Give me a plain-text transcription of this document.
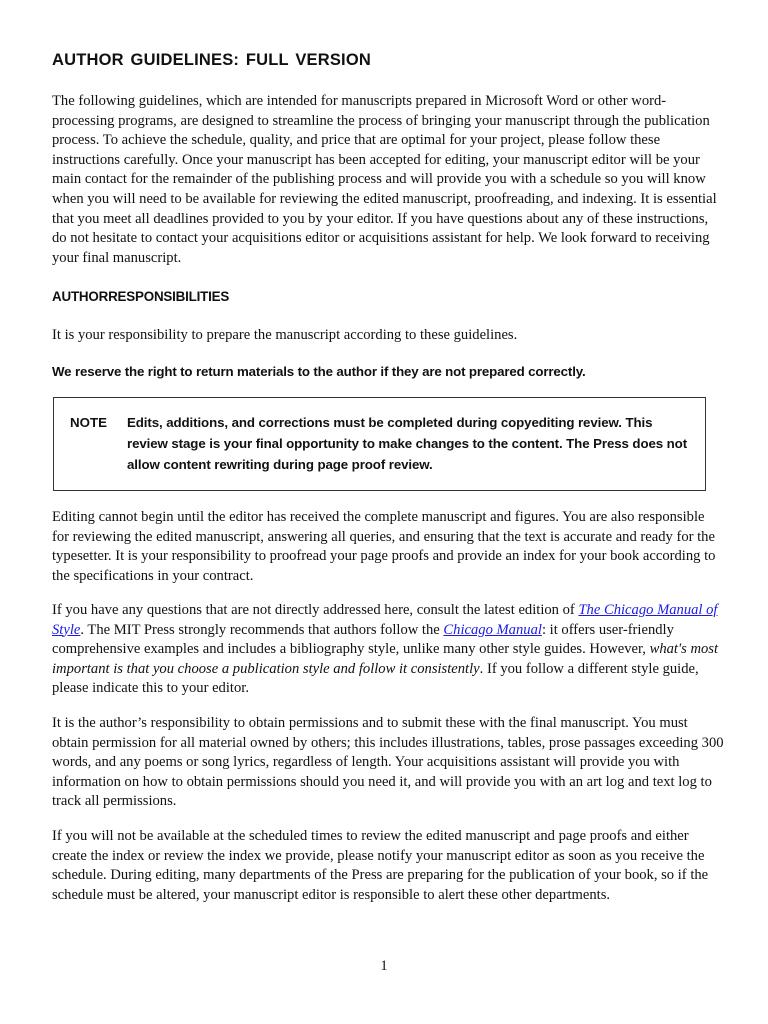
AUTHOR GUIDELINES: FULL VERSION

The following guidelines, which are intended for manuscripts prepared in Microsoft Word or other word-processing programs, are designed to streamline the process of bringing your manuscript through the publication process. To achieve the schedule, quality, and price that are optimal for your project, please follow these instructions carefully. Once your manuscript has been accepted for editing, your manuscript editor will be your main contact for the remainder of the publishing process and will provide you with a schedule so you will know when you will need to be available for reviewing the edited manuscript, proofreading, and indexing. It is essential that you meet all deadlines provided to you by your editor. If you have questions about any of these instructions, do not hesitate to contact your acquisitions editor or acquisitions assistant for help. We look forward to receiving your final manuscript.

AUTHORRESPONSIBILITIES

It is your responsibility to prepare the manuscript according to these guidelines.

We reserve the right to return materials to the author if they are not prepared correctly.
NOTE Edits, additions, and corrections must be completed during copyediting review. This review stage is your final opportunity to make changes to the content. The Press does not allow content rewriting during page proof review.

Editing cannot begin until the editor has received the complete manuscript and figures. You are also responsible for reviewing the edited manuscript, answering all queries, and ensuring that the text is accurate and ready for the typesetter. It is your responsibility to proofread your page proofs and provide an index for your book according to the specifications in your contract.

If you have any questions that are not directly addressed here, consult the latest edition of The Chicago Manual of Style. The MIT Press strongly recommends that authors follow the Chicago Manual: it offers user-friendly comprehensive examples and includes a bibliography style, unlike many other style guides. However, what's most important is that you choose a publication style and follow it consistently. If you follow a different style guide, please indicate this to your editor.

It is the author’s responsibility to obtain permissions and to submit these with the final manuscript. You must obtain permission for all material owned by others; this includes illustrations, tables, prose passages exceeding 300 words, and any poems or song lyrics, regardless of length. Your acquisitions assistant will provide you with information on how to obtain permissions should you need it, and will provide you with an art log and text log to track all permissions.

If you will not be available at the scheduled times to review the edited manuscript and page proofs and either create the index or review the index we provide, please notify your manuscript editor as soon as you receive the schedule. During editing, many departments of the Press are preparing for the publication of your book, so if the schedule must be altered, your manuscript editor is responsible to alert these other departments.

1
